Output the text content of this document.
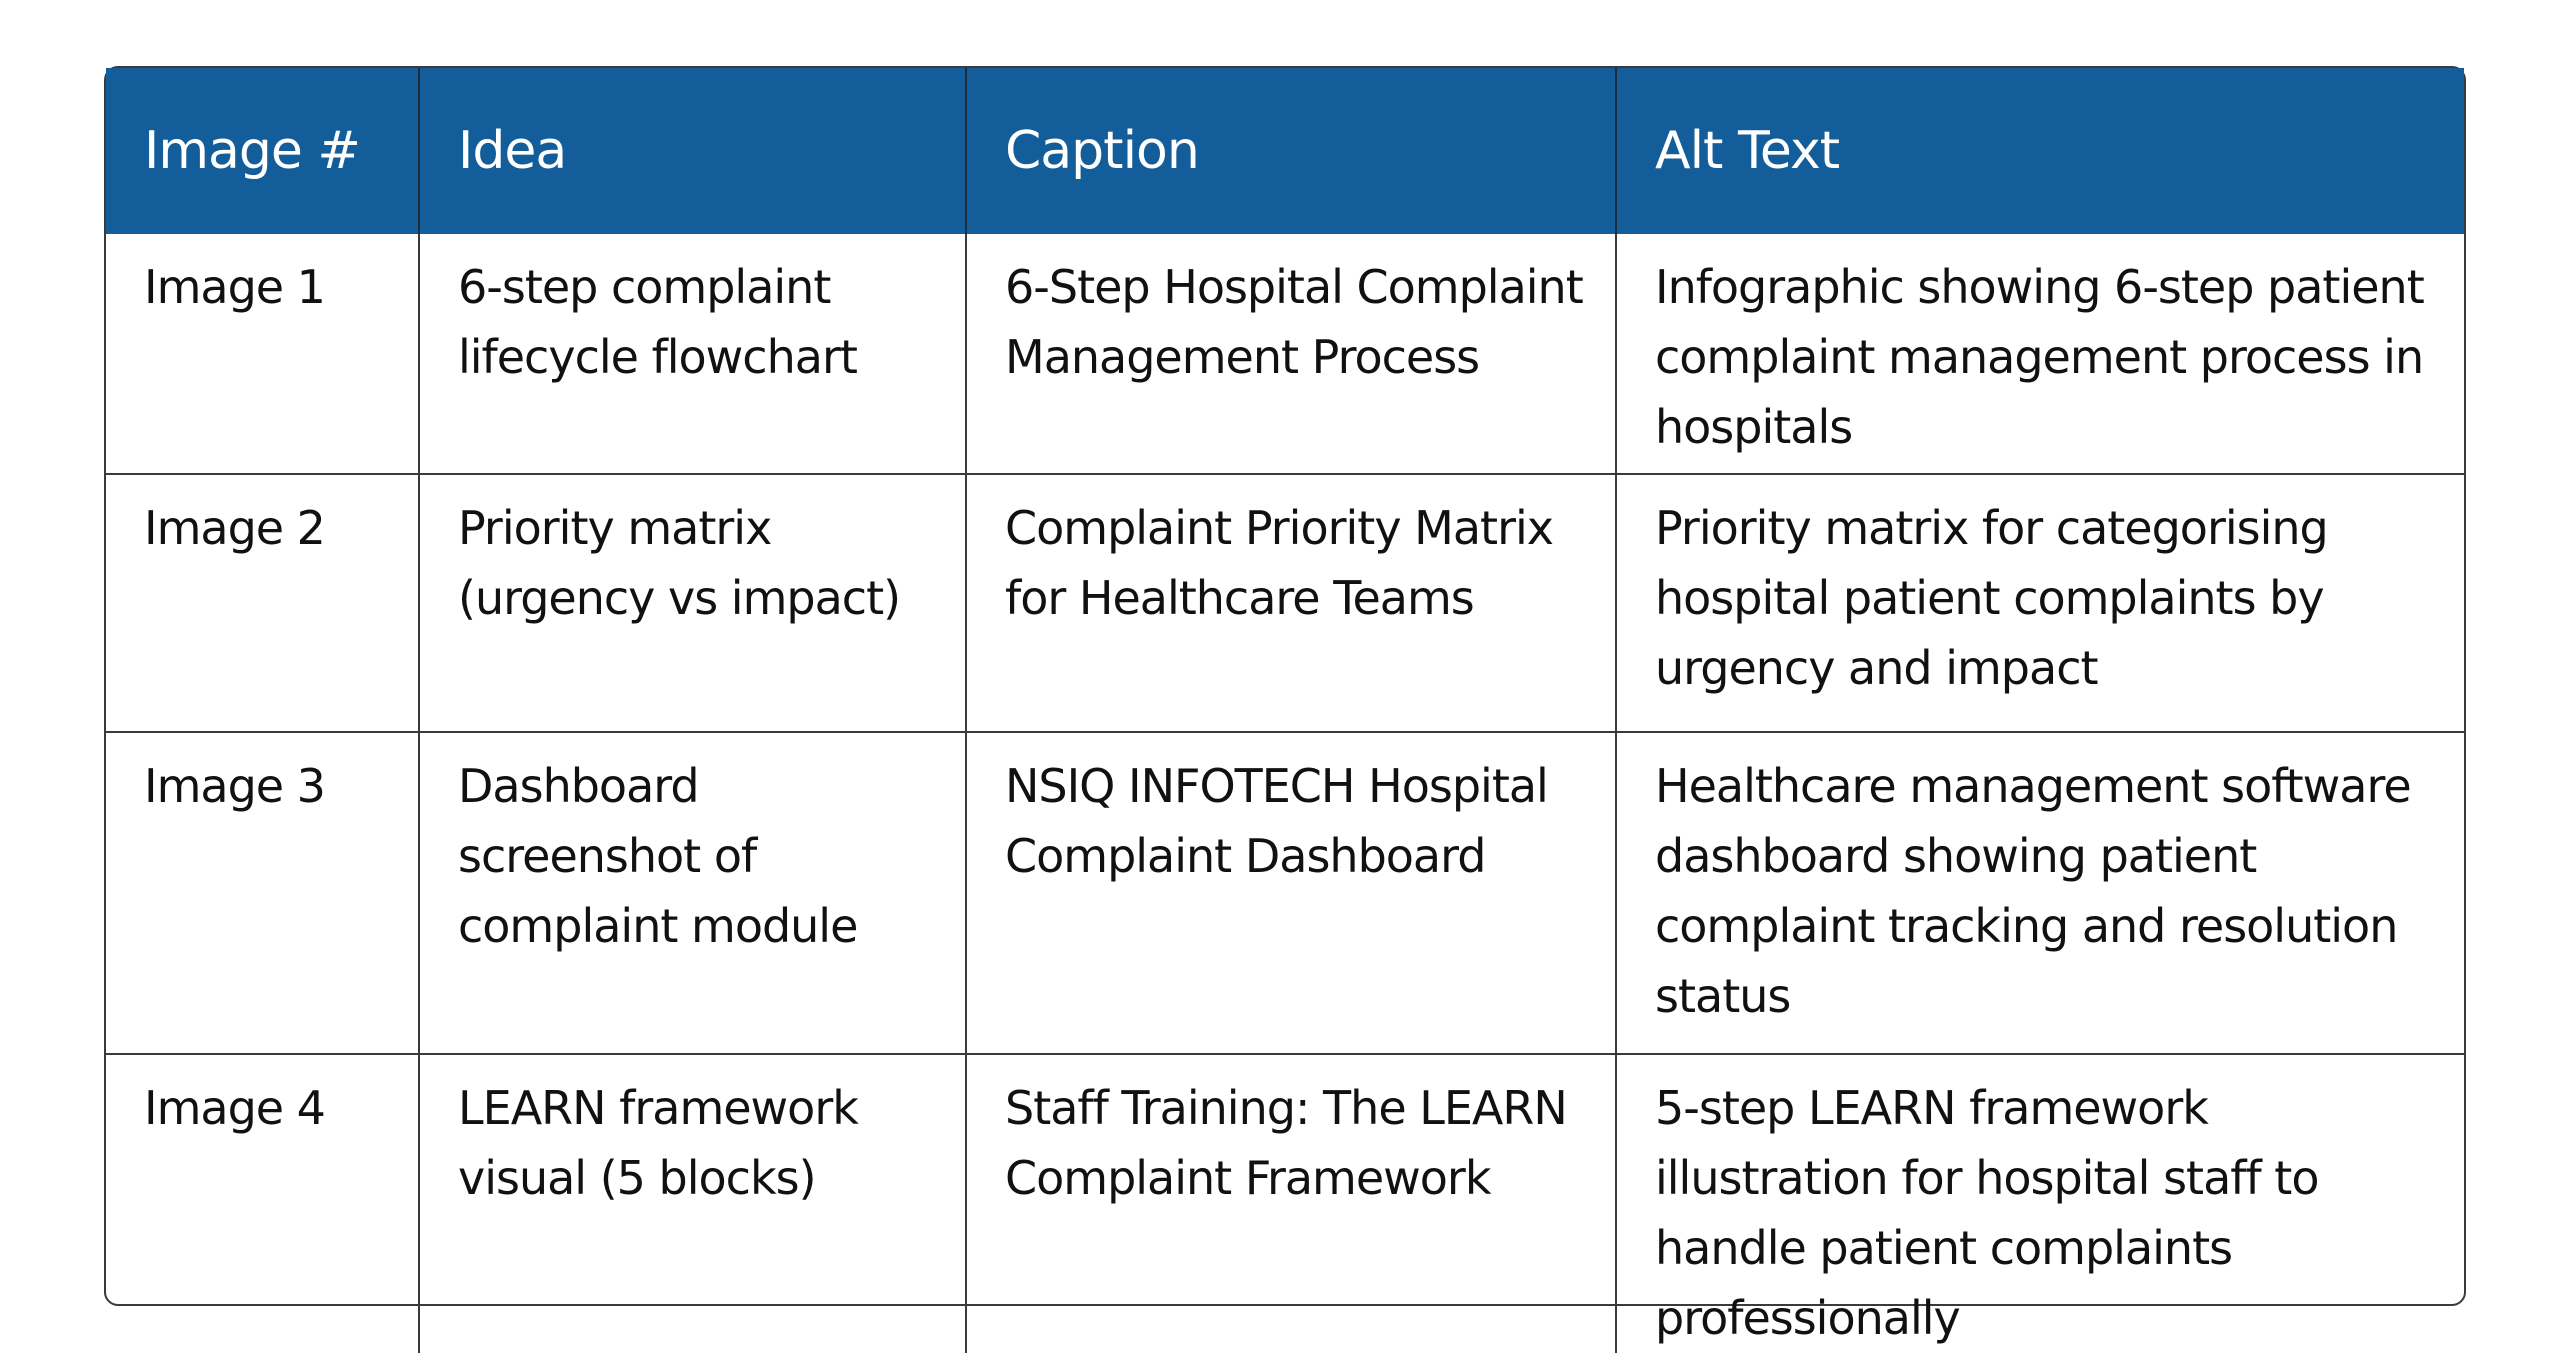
Image #	Idea	Caption	Alt Text
Image 1	6-step complaint lifecycle flowchart	6-Step Hospital Complaint Management Process	Infographic showing 6-step patient complaint management process in hospitals
Image 2	Priority matrix (urgency vs impact)	Complaint Priority Matrix for Healthcare Teams	Priority matrix for categorising hospital patient complaints by urgency and impact
Image 3	Dashboard screenshot of complaint module	NSIQ INFOTECH Hospital Complaint Dashboard	Healthcare management software dashboard showing patient complaint tracking and resolution status
Image 4	LEARN framework visual (5 blocks)	Staff Training: The LEARN Complaint Framework	5-step LEARN framework illustration for hospital staff to handle patient complaints professionally
